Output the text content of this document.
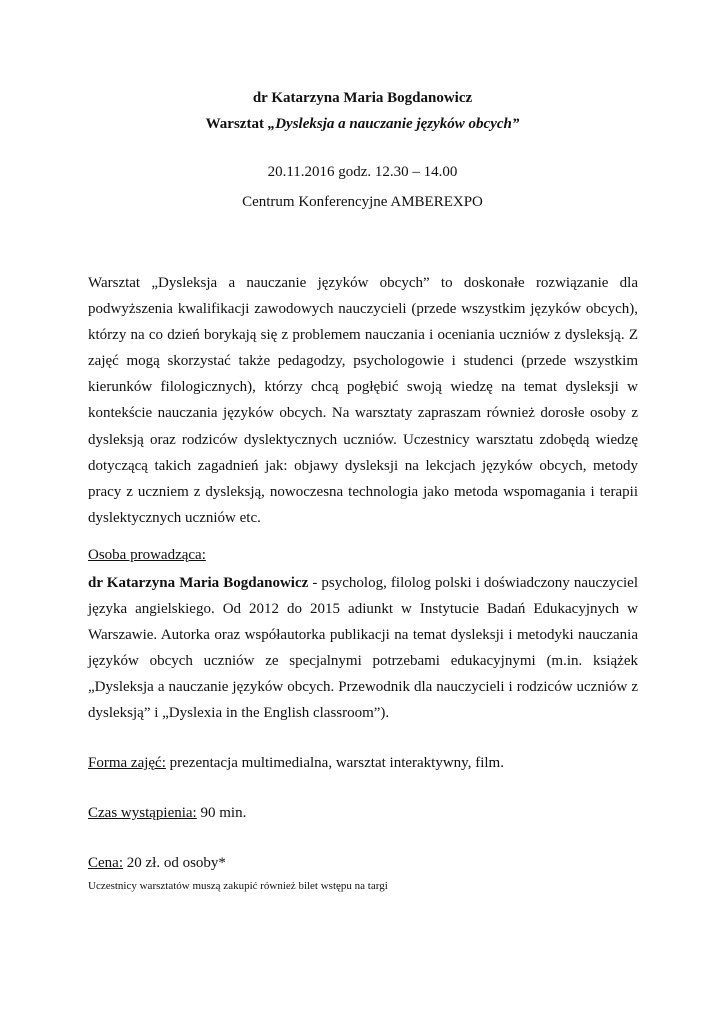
dr Katarzyna Maria Bogdanowicz
Warsztat „Dysleksja a nauczanie języków obcych”
20.11.2016 godz. 12.30 – 14.00
Centrum Konferencyjne AMBEREXPO

Warsztat „Dysleksja a nauczanie języków obcych” to doskonałe rozwiązanie dla podwyższenia kwalifikacji zawodowych nauczycieli (przede wszystkim języków obcych), którzy na co dzień borykają się z problemem nauczania i oceniania uczniów z dysleksją. Z zajęć mogą skorzystać także pedagodzy, psychologowie i studenci (przede wszystkim kierunków filologicznych), którzy chcą pogłębić swoją wiedzę na temat dysleksji w kontekście nauczania języków obcych. Na warsztaty zapraszam również dorosłe osoby z dysleksją oraz rodziców dyslektycznych uczniów. Uczestnicy warsztatu zdobędą wiedzę dotyczącą takich zagadnień jak: objawy dysleksji na lekcjach języków obcych, metody pracy z uczniem z dysleksją, nowoczesna technologia jako metoda wspomagania i terapii dyslektycznych uczniów etc.

Osoba prowadząca:

dr Katarzyna Maria Bogdanowicz - psycholog, filolog polski i doświadczony nauczyciel języka angielskiego. Od 2012 do 2015 adiunkt w Instytucie Badań Edukacyjnych w Warszawie. Autorka oraz współautorka publikacji na temat dysleksji i metodyki nauczania języków obcych uczniów ze specjalnymi potrzebami edukacyjnymi (m.in. książek „Dysleksja a nauczanie języków obcych. Przewodnik dla nauczycieli i rodziców uczniów z dysleksją” i „Dyslexia in the English classroom”).

Forma zajęć: prezentacja multimedialna, warsztat interaktywny, film.
Czas wystąpienia: 90 min.
Cena: 20 zł. od osoby*
Uczestnicy warsztatów muszą zakupić również bilet wstępu na targi
